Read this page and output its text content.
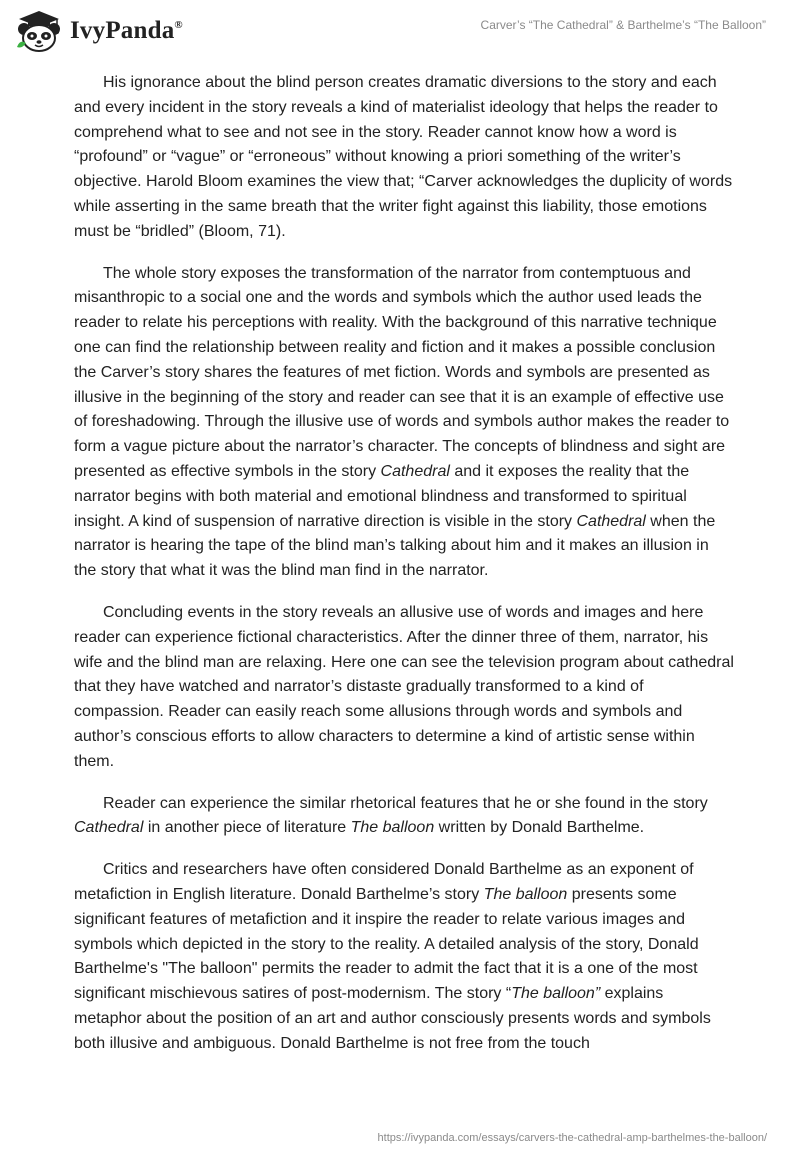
IvyPanda®	Carver’s “The Cathedral” & Barthelme’s “The Balloon”

His ignorance about the blind person creates dramatic diversions to the story and each and every incident in the story reveals a kind of materialist ideology that helps the reader to comprehend what to see and not see in the story. Reader cannot know how a word is “profound” or “vague” or “erroneous” without knowing a priori something of the writer’s objective. Harold Bloom examines the view that; “Carver acknowledges the duplicity of words while asserting in the same breath that the writer fight against this liability, those emotions must be “bridled” (Bloom, 71).

The whole story exposes the transformation of the narrator from contemptuous and misanthropic to a social one and the words and symbols which the author used leads the reader to relate his perceptions with reality. With the background of this narrative technique one can find the relationship between reality and fiction and it makes a possible conclusion the Carver’s story shares the features of met fiction. Words and symbols are presented as illusive in the beginning of the story and reader can see that it is an example of effective use of foreshadowing. Through the illusive use of words and symbols author makes the reader to form a vague picture about the narrator’s character. The concepts of blindness and sight are presented as effective symbols in the story Cathedral and it exposes the reality that the narrator begins with both material and emotional blindness and transformed to spiritual insight. A kind of suspension of narrative direction is visible in the story Cathedral when the narrator is hearing the tape of the blind man’s talking about him and it makes an illusion in the story that what it was the blind man find in the narrator.

Concluding events in the story reveals an allusive use of words and images and here reader can experience fictional characteristics. After the dinner three of them, narrator, his wife and the blind man are relaxing. Here one can see the television program about cathedral that they have watched and narrator’s distaste gradually transformed to a kind of compassion. Reader can easily reach some allusions through words and symbols and author’s conscious efforts to allow characters to determine a kind of artistic sense within them.

Reader can experience the similar rhetorical features that he or she found in the story Cathedral in another piece of literature The balloon written by Donald Barthelme.

Critics and researchers have often considered Donald Barthelme as an exponent of metafiction in English literature. Donald Barthelme’s story The balloon presents some significant features of metafiction and it inspire the reader to relate various images and symbols which depicted in the story to the reality. A detailed analysis of the story, Donald Barthelme's "The balloon" permits the reader to admit the fact that it is a one of the most significant mischievous satires of post-modernism. The story “The balloon” explains metaphor about the position of an art and author consciously presents words and symbols both illusive and ambiguous. Donald Barthelme is not free from the touch

https://ivypanda.com/essays/carvers-the-cathedral-amp-barthelmes-the-balloon/
